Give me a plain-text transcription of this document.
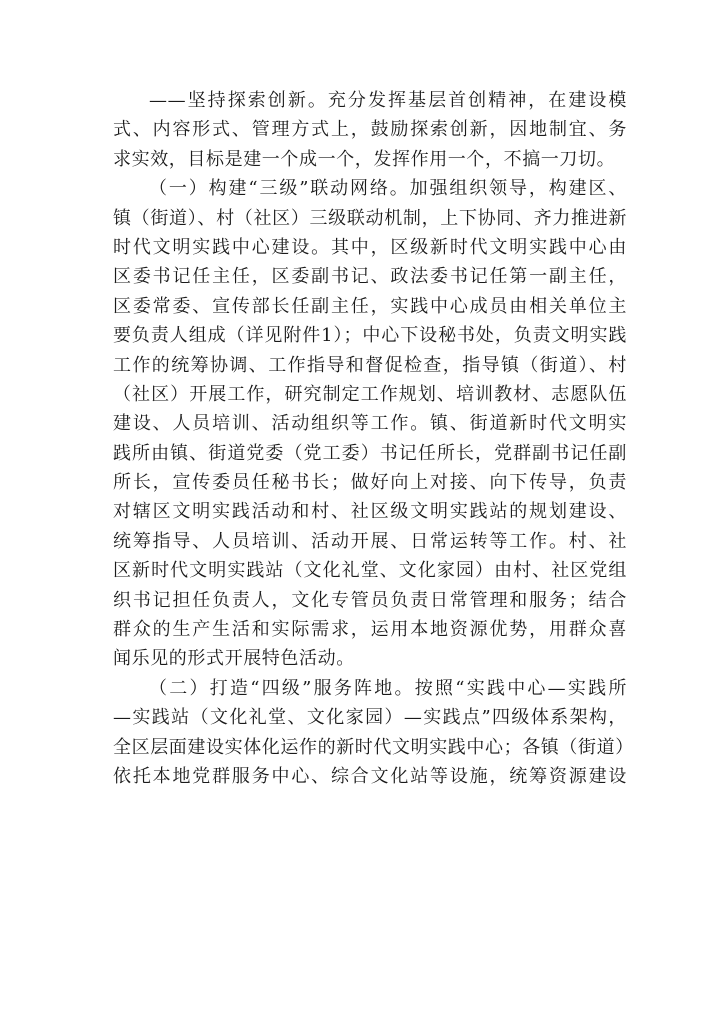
——坚持探索创新。充分发挥基层首创精神，在建设模
式、内容形式、管理方式上，鼓励探索创新，因地制宜、务
求实效，目标是建一个成一个，发挥作用一个，不搞一刀切。
（一）构建“三级”联动网络。加强组织领导，构建区、
镇（街道）、村（社区）三级联动机制，上下协同、齐力推进新
时代文明实践中心建设。其中，区级新时代文明实践中心由
区委书记任主任，区委副书记、政法委书记任第一副主任，
区委常委、宣传部长任副主任，实践中心成员由相关单位主
要负责人组成（详见附件1）；中心下设秘书处，负责文明实践
工作的统筹协调、工作指导和督促检查，指导镇（街道）、村
（社区）开展工作，研究制定工作规划、培训教材、志愿队伍
建设、人员培训、活动组织等工作。镇、街道新时代文明实
践所由镇、街道党委（党工委）书记任所长，党群副书记任副
所长，宣传委员任秘书长；做好向上对接、向下传导，负责
对辖区文明实践活动和村、社区级文明实践站的规划建设、
统筹指导、人员培训、活动开展、日常运转等工作。村、社
区新时代文明实践站（文化礼堂、文化家园）由村、社区党组
织书记担任负责人，文化专管员负责日常管理和服务；结合
群众的生产生活和实际需求，运用本地资源优势，用群众喜
闻乐见的形式开展特色活动。
（二）打造“四级”服务阵地。按照“实践中心—实践所
—实践站（文化礼堂、文化家园）—实践点”四级体系架构，
全区层面建设实体化运作的新时代文明实践中心；各镇（街道）
依托本地党群服务中心、综合文化站等设施，统筹资源建设
